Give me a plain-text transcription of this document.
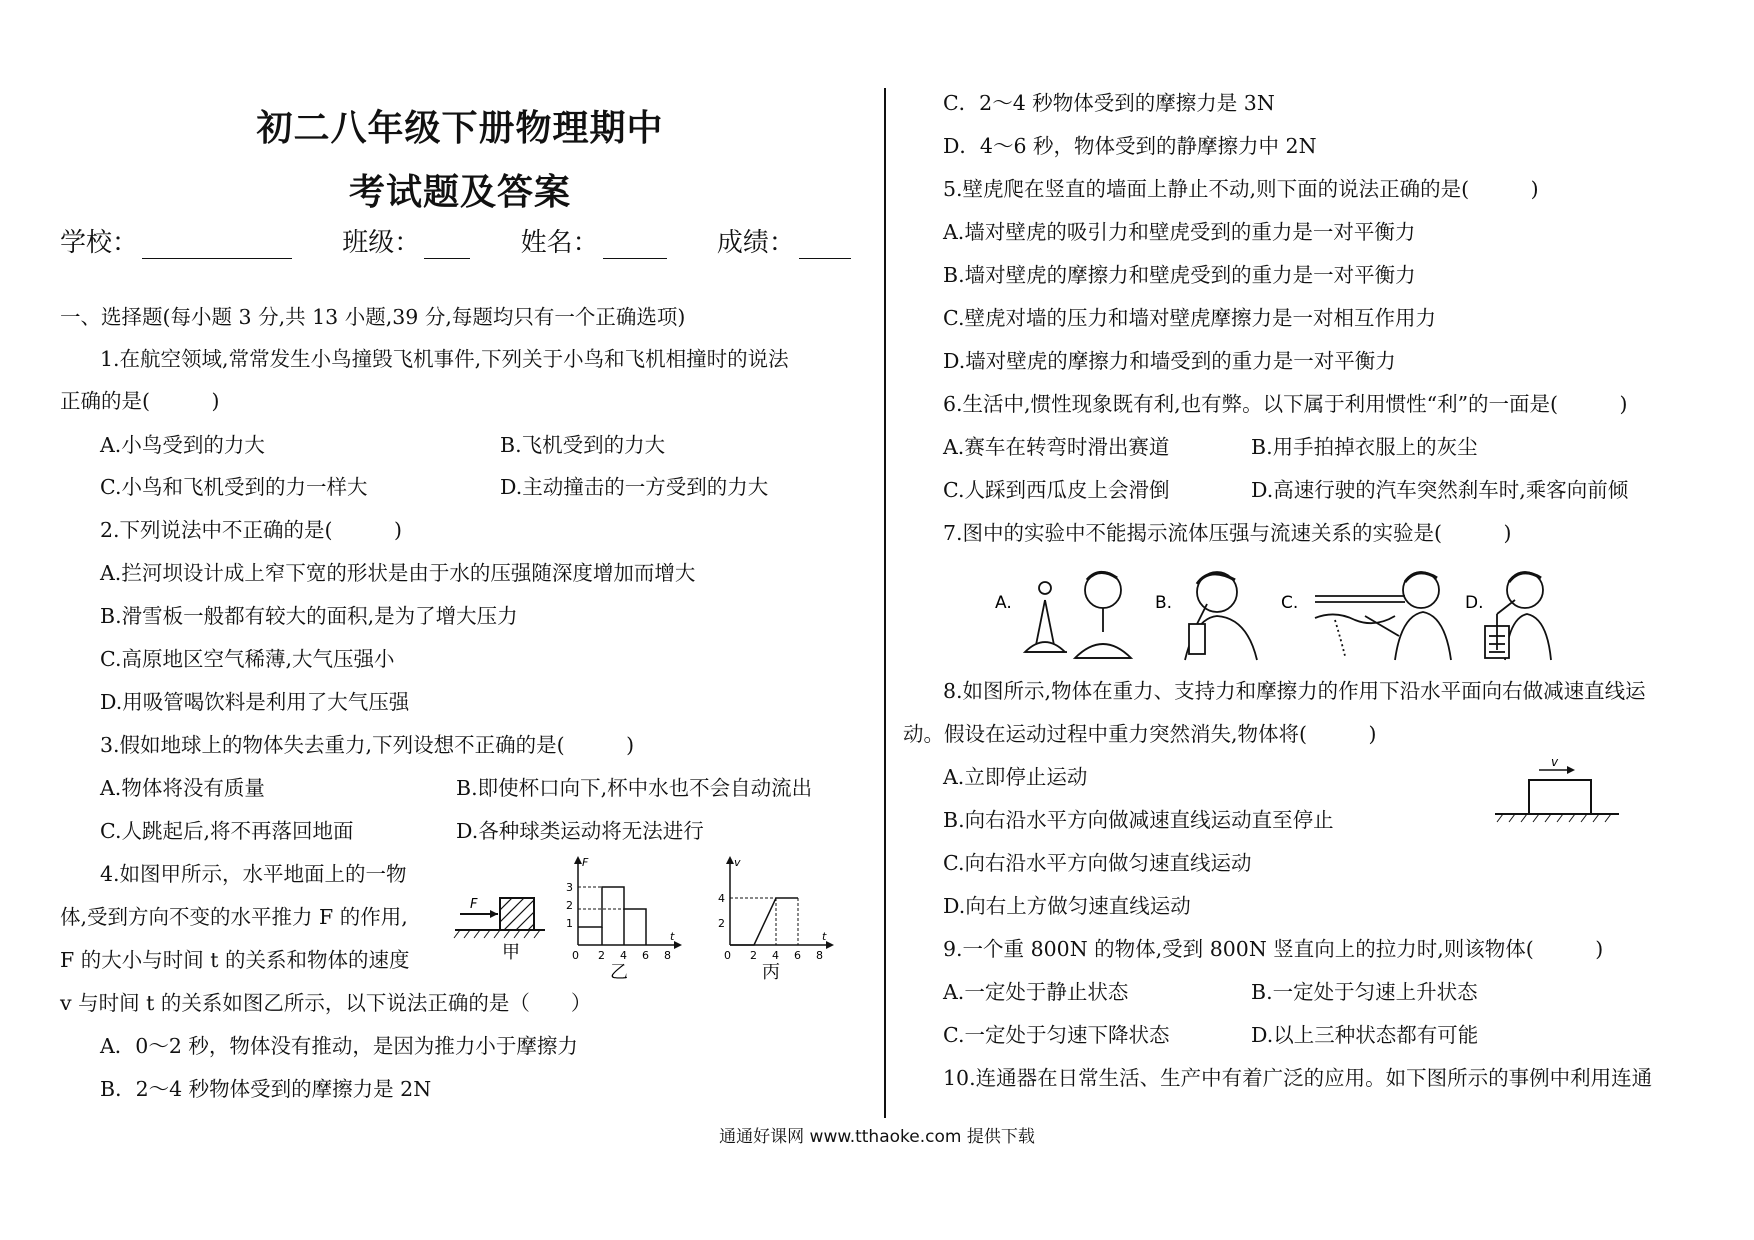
初二八年级下册物理期中
考试题及答案
学校：	班级：	姓名：	成绩：
一、选择题(每小题 3 分,共 13 小题,39 分,每题均只有一个正确选项)
1.在航空领域,常常发生小鸟撞毁飞机事件,下列关于小鸟和飞机相撞时的说法
正确的是(　　　)
A.小鸟受到的力大	B.飞机受到的力大
C.小鸟和飞机受到的力一样大	D.主动撞击的一方受到的力大
2.下列说法中不正确的是(　　　)
A.拦河坝设计成上窄下宽的形状是由于水的压强随深度增加而增大
B.滑雪板一般都有较大的面积,是为了增大压力
C.高原地区空气稀薄,大气压强小
D.用吸管喝饮料是利用了大气压强
3.假如地球上的物体失去重力,下列设想不正确的是(　　　)
A.物体将没有质量	B.即使杯口向下,杯中水也不会自动流出
C.人跳起后,将不再落回地面	D.各种球类运动将无法进行
4.如图甲所示，水平地面上的一物
体,受到方向不变的水平推力 F 的作用,
F 的大小与时间 t 的关系和物体的速度
v 与时间 t 的关系如图乙所示，以下说法正确的是（　　）
A．0～2 秒，物体没有推动，是因为推力小于摩擦力
B．2～4 秒物体受到的摩擦力是 2N
F
甲
F
t
1
2
3
0 2 4 6 8
乙
v
t
2
4
0 2 4 6 8
丙
C．2～4 秒物体受到的摩擦力是 3N
D．4～6 秒，物体受到的静摩擦力中 2N
5.壁虎爬在竖直的墙面上静止不动,则下面的说法正确的是(　　　)
A.墙对壁虎的吸引力和壁虎受到的重力是一对平衡力
B.墙对壁虎的摩擦力和壁虎受到的重力是一对平衡力
C.壁虎对墙的压力和墙对壁虎摩擦力是一对相互作用力
D.墙对壁虎的摩擦力和墙受到的重力是一对平衡力
6.生活中,惯性现象既有利,也有弊。以下属于利用惯性“利”的一面是(　　　)
A.赛车在转弯时滑出赛道	B.用手拍掉衣服上的灰尘
C.人踩到西瓜皮上会滑倒	D.高速行驶的汽车突然刹车时,乘客向前倾
7.图中的实验中不能揭示流体压强与流速关系的实验是(　　　)
A.	B.	C.	D.
8.如图所示,物体在重力、支持力和摩擦力的作用下沿水平面向右做减速直线运
动。假设在运动过程中重力突然消失,物体将(　　　)
A.立即停止运动
B.向右沿水平方向做减速直线运动直至停止
C.向右沿水平方向做匀速直线运动
D.向右上方做匀速直线运动
v
9.一个重 800N 的物体,受到 800N 竖直向上的拉力时,则该物体(　　　)
A.一定处于静止状态	B.一定处于匀速上升状态
C.一定处于匀速下降状态	D.以上三种状态都有可能
10.连通器在日常生活、生产中有着广泛的应用。如下图所示的事例中利用连通
通通好课网 www.tthaoke.com 提供下载
